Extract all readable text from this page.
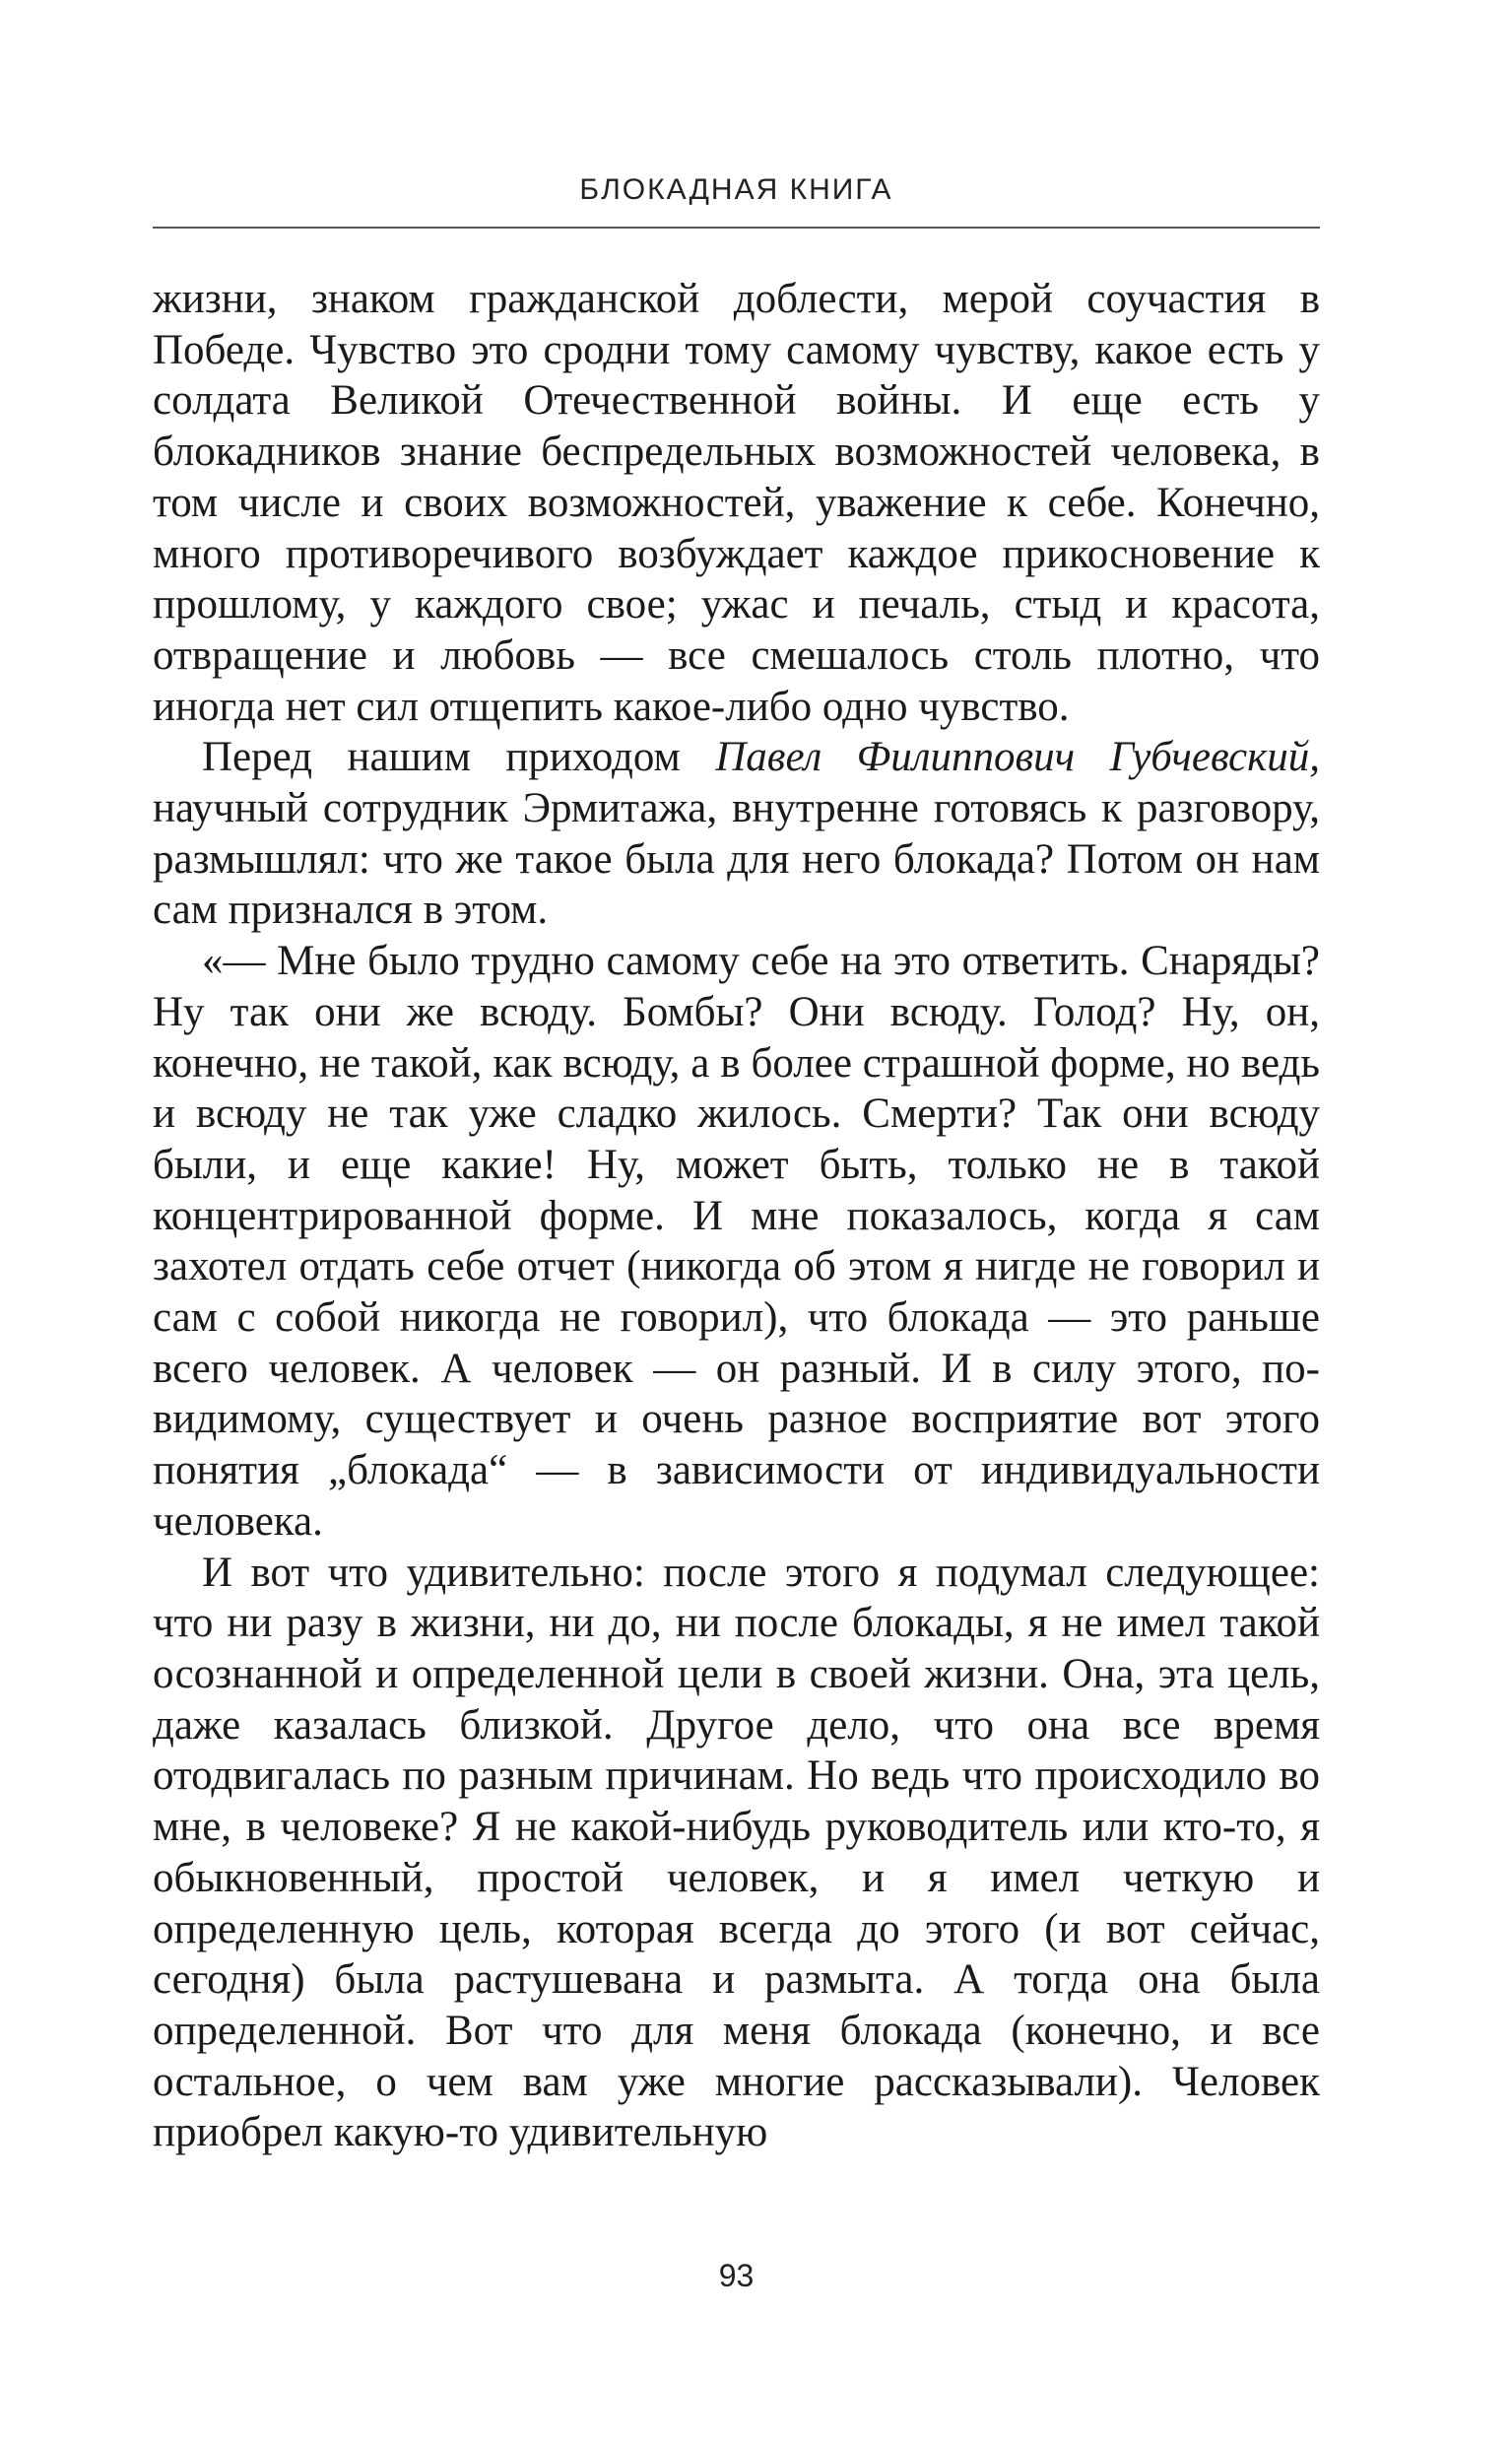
БЛОКАДНАЯ КНИГА

жизни, знаком гражданской доблести, мерой соучастия в Победе. Чувство это сродни тому самому чувству, какое есть у солдата Великой Отечественной войны. И еще есть у блокадников знание беспредельных возможностей человека, в том числе и своих возможностей, уважение к себе. Конечно, много противоречивого возбуждает каждое прикосновение к прошлому, у каждого свое; ужас и печаль, стыд и красота, отвращение и любовь — все смешалось столь плотно, что иногда нет сил отщепить какое-либо одно чувство.

Перед нашим приходом Павел Филиппович Губчевский, научный сотрудник Эрмитажа, внутренне готовясь к разговору, размышлял: что же такое была для него блокада? Потом он нам сам признался в этом.

«— Мне было трудно самому себе на это ответить. Снаряды? Ну так они же всюду. Бомбы? Они всюду. Голод? Ну, он, конечно, не такой, как всюду, а в более страшной форме, но ведь и всюду не так уже сладко жилось. Смерти? Так они всюду были, и еще какие! Ну, может быть, только не в такой концентрированной форме. И мне показалось, когда я сам захотел отдать себе отчет (никогда об этом я нигде не говорил и сам с собой никогда не говорил), что блокада — это раньше всего человек. А человек — он разный. И в силу этого, по-видимому, существует и очень разное восприятие вот этого понятия „блокада“ — в зависимости от индивидуальности человека.

И вот что удивительно: после этого я подумал следующее: что ни разу в жизни, ни до, ни после блокады, я не имел такой осознанной и определенной цели в своей жизни. Она, эта цель, даже казалась близкой. Другое дело, что она все время отодвигалась по разным причинам. Но ведь что происходило во мне, в человеке? Я не какой-нибудь руководитель или кто-то, я обыкновенный, простой человек, и я имел четкую и определенную цель, которая всегда до этого (и вот сейчас, сегодня) была растушевана и размыта. А тогда она была определенной. Вот что для меня блокада (конечно, и все остальное, о чем вам уже многие рассказывали). Человек приобрел какую-то удивительную

93
